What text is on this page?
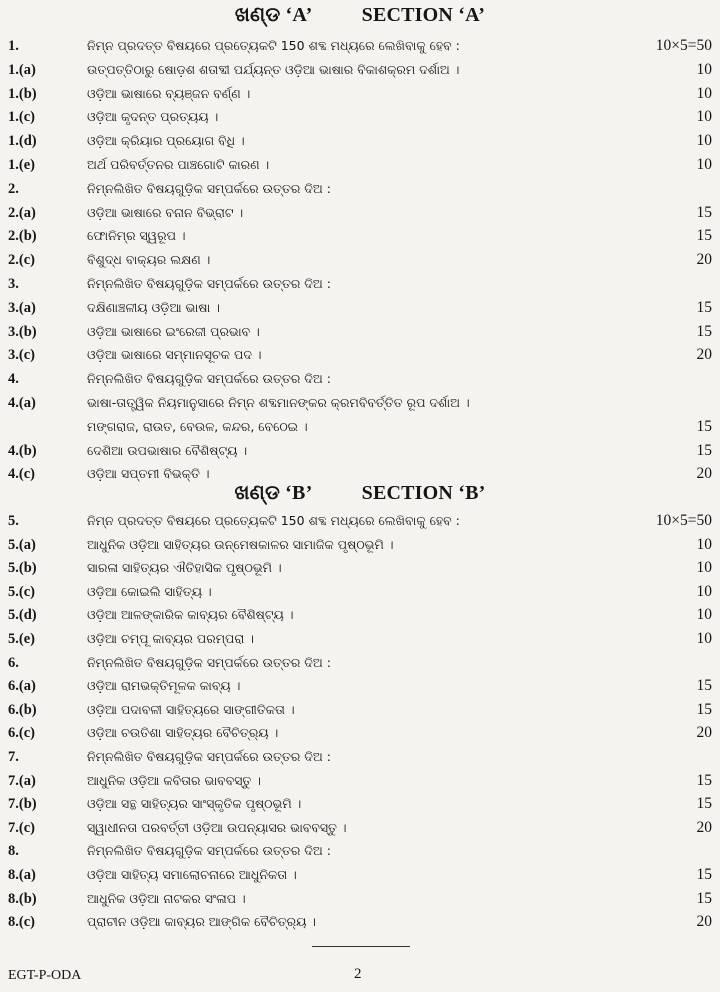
ଖଣ୍ଡ ‘A’ SECTION ‘A’
1.	ନିମ୍ନ ପ୍ରଦତ୍ତ ବିଷୟରେ ପ୍ରତ୍ୟେକଟି 150 ଶବ୍ଦ ମଧ୍ୟରେ ଲେଖିବାକୁ ହେବ :	10×5=50
1.(a)	ଉତ୍ପତ୍ତିଠାରୁ ଷୋଡ଼ଶ ଶତାବ୍ଦୀ ପର୍ଯ୍ୟନ୍ତ ଓଡ଼ିଆ ଭାଷାର ବିକାଶକ୍ରମ ଦର୍ଶାଅ ।	10
1.(b)	ଓଡ଼ିଆ ଭାଷାରେ ବ୍ୟଞ୍ଜନ ବର୍ଣ୍ଣ ।	10
1.(c)	ଓଡ଼ିଆ କୃଦନ୍ତ ପ୍ରତ୍ୟୟ ।	10
1.(d)	ଓଡ଼ିଆ କ୍ରିୟାର ପ୍ରୟୋଗ ବିଧି ।	10
1.(e)	ଅର୍ଥ ପରିବର୍ତ୍ତନର ପାଞ୍ଚଗୋଟି କାରଣ ।	10
2.	ନିମ୍ନଲିଖିତ ବିଷୟଗୁଡ଼ିକ ସମ୍ପର୍କରେ ଉତ୍ତର ଦିଅ :
2.(a)	ଓଡ଼ିଆ ଭାଷାରେ ବନାନ ବିଭ୍ରାଟ ।	15
2.(b)	ଫୋନିମ୍‌ର ସ୍ୱରୂପ ।	15
2.(c)	ବିଶୁଦ୍ଧ ବାକ୍ୟର ଲକ୍ଷଣ ।	20
3.	ନିମ୍ନଲିଖିତ ବିଷୟଗୁଡ଼ିକ ସମ୍ପର୍କରେ ଉତ୍ତର ଦିଅ :
3.(a)	ଦକ୍ଷିଣାଞ୍ଚଳୀୟ ଓଡ଼ିଆ ଭାଷା ।	15
3.(b)	ଓଡ଼ିଆ ଭାଷାରେ ଇଂରେଜୀ ପ୍ରଭାବ ।	15
3.(c)	ଓଡ଼ିଆ ଭାଷାରେ ସମ୍ମାନସୂଚକ ପଦ ।	20
4.	ନିମ୍ନଲିଖିତ ବିଷୟଗୁଡ଼ିକ ସମ୍ପର୍କରେ ଉତ୍ତର ଦିଅ :
4.(a)	ଭାଷା-ତାତ୍ତ୍ୱିକ ନିୟମାନୁସାରେ ନିମ୍ନ ଶବ୍ଦମାନଙ୍କର କ୍ରମବିବର୍ତ୍ତିତ ରୂପ ଦର୍ଶାଅ ।
ମଙ୍ଗରାଜ, ରାଉତ, ବେଉଳ, କନ୍ଦର, ବେଠେଇ ।	15
4.(b)	ଦେଶିଆ ଉପଭାଷାର ବୈଶିଷ୍ଟ୍ୟ ।	15
4.(c)	ଓଡ଼ିଆ ସପ୍ତମୀ ବିଭକ୍ତି ।	20
ଖଣ୍ଡ ‘B’ SECTION ‘B’
5.	ନିମ୍ନ ପ୍ରଦତ୍ତ ବିଷୟରେ ପ୍ରତ୍ୟେକଟି 150 ଶବ୍ଦ ମଧ୍ୟରେ ଲେଖିବାକୁ ହେବ :	10×5=50
5.(a)	ଆଧୁନିକ ଓଡ଼ିଆ ସାହିତ୍ୟର ଉନ୍ମେଷକାଳର ସାମାଜିକ ପୃଷ୍ଠଭୂମି ।	10
5.(b)	ସାରଳା ସାହିତ୍ୟର ଐତିହାସିକ ପୃଷ୍ଠଭୂମି ।	10
5.(c)	ଓଡ଼ିଆ କୋଇଲି ସାହିତ୍ୟ ।	10
5.(d)	ଓଡ଼ିଆ ଆଳଙ୍କାରିକ କାବ୍ୟର ବୈଶିଷ୍ଟ୍ୟ ।	10
5.(e)	ଓଡ଼ିଆ ଚମ୍ପୂ କାବ୍ୟର ପରମ୍ପରା ।	10
6.	ନିମ୍ନଲିଖିତ ବିଷୟଗୁଡ଼ିକ ସମ୍ପର୍କରେ ଉତ୍ତର ଦିଅ :
6.(a)	ଓଡ଼ିଆ ରାମଭକ୍ତିମୂଳକ କାବ୍ୟ ।	15
6.(b)	ଓଡ଼ିଆ ପଦାବଳୀ ସାହିତ୍ୟରେ ସାଙ୍ଗୀତିକତା ।	15
6.(c)	ଓଡ଼ିଆ ଚଉତିଶା ସାହିତ୍ୟର ବୈଚିତ୍ର୍ୟ ।	20
7.	ନିମ୍ନଲିଖିତ ବିଷୟଗୁଡ଼ିକ ସମ୍ପର୍କରେ ଉତ୍ତର ଦିଅ :
7.(a)	ଆଧୁନିକ ଓଡ଼ିଆ କବିତାର ଭାବବସ୍ତୁ ।	15
7.(b)	ଓଡ଼ିଆ ସନ୍ଥ ସାହିତ୍ୟର ସାଂସ୍କୃତିକ ପୃଷ୍ଠଭୂମି ।	15
7.(c)	ସ୍ୱାଧୀନତା ପରବର୍ତ୍ତୀ ଓଡ଼ିଆ ଉପନ୍ୟାସର ଭାବବସ୍ତୁ ।	20
8.	ନିମ୍ନଲିଖିତ ବିଷୟଗୁଡ଼ିକ ସମ୍ପର୍କରେ ଉତ୍ତର ଦିଅ :
8.(a)	ଓଡ଼ିଆ ସାହିତ୍ୟ ସମାଲୋଚନାରେ ଆଧୁନିକତା ।	15
8.(b)	ଆଧୁନିକ ଓଡ଼ିଆ ନାଟକର ସଂଳାପ ।	15
8.(c)	ପ୍ରାଚୀନ ଓଡ଼ିଆ କାବ୍ୟର ଆଙ୍ଗିକ ବୈଚିତ୍ର୍ୟ ।	20
EGT-P-ODA	2
